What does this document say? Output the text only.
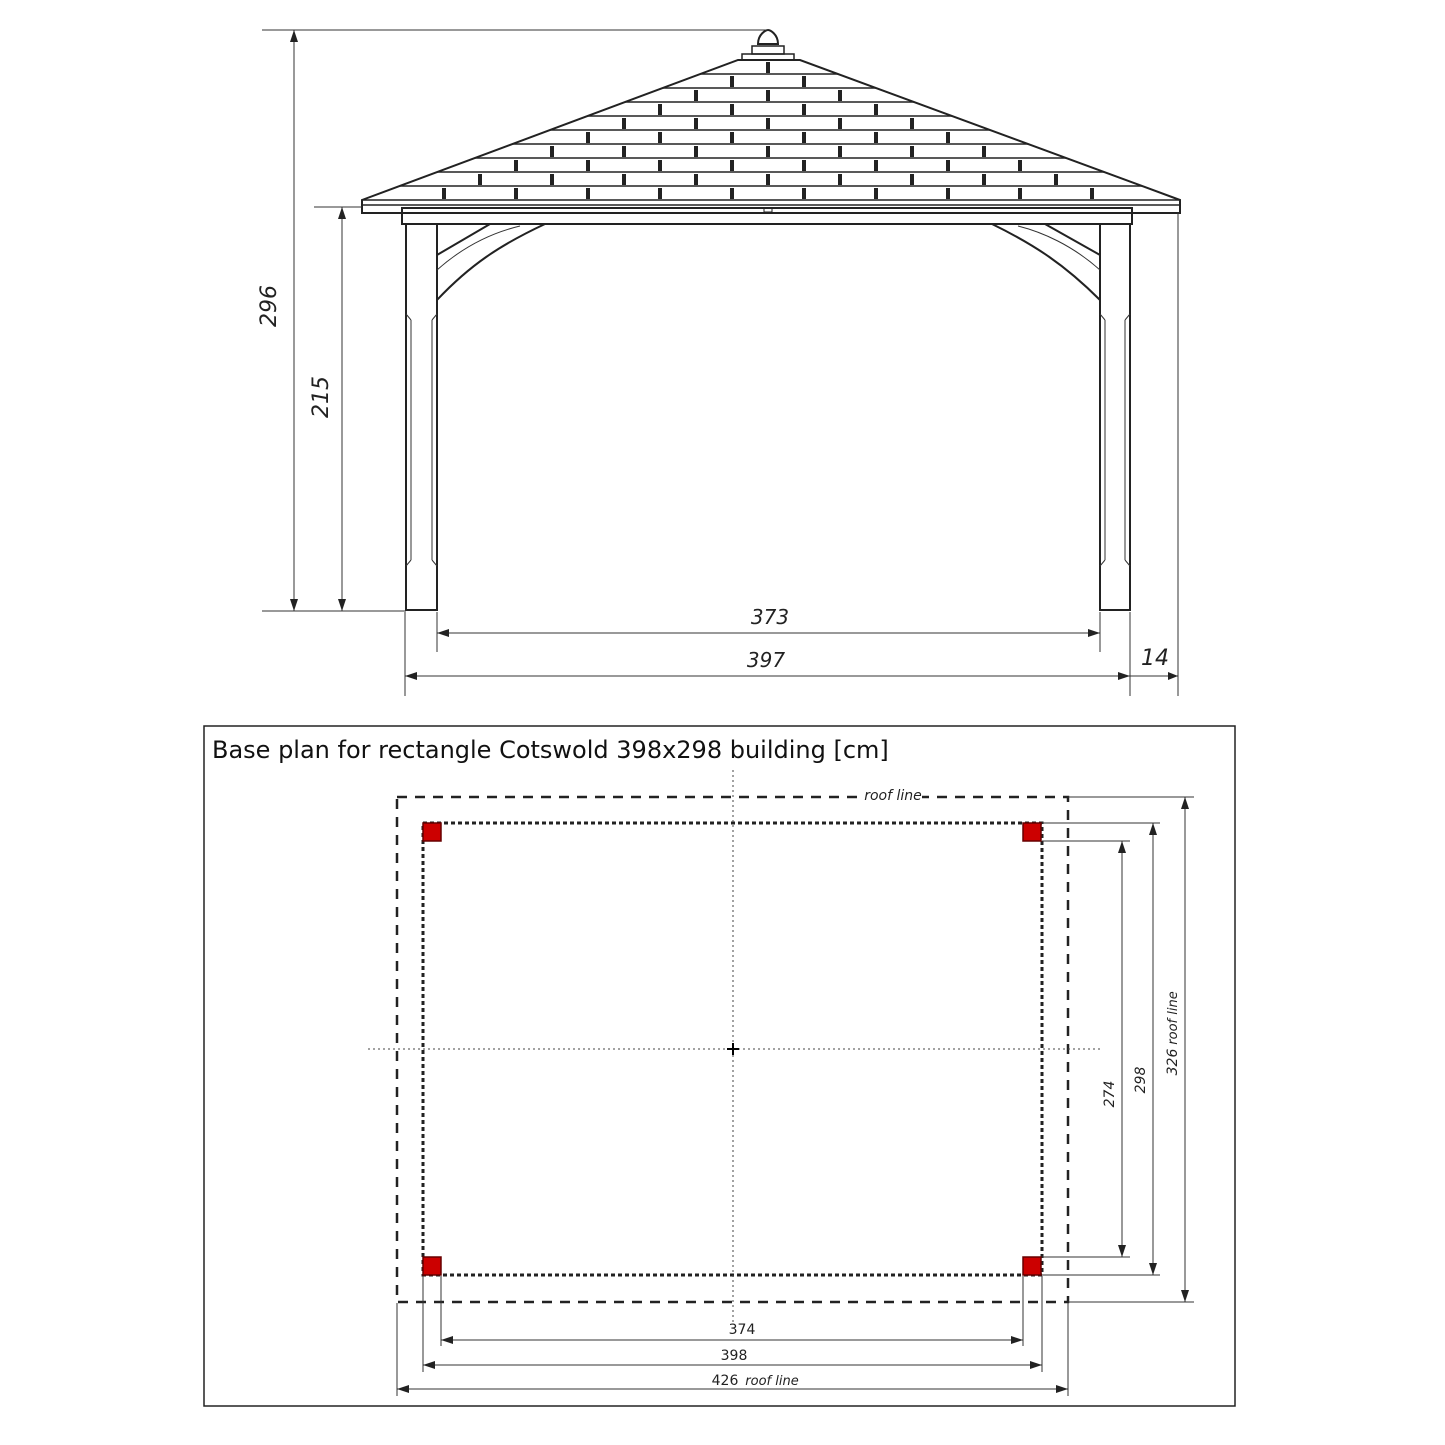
296
215
373
397	14
Base plan for rectangle Cotswold 398x298 building [cm]
roof line
374
398
426 roof line
274
298
326
roof line
